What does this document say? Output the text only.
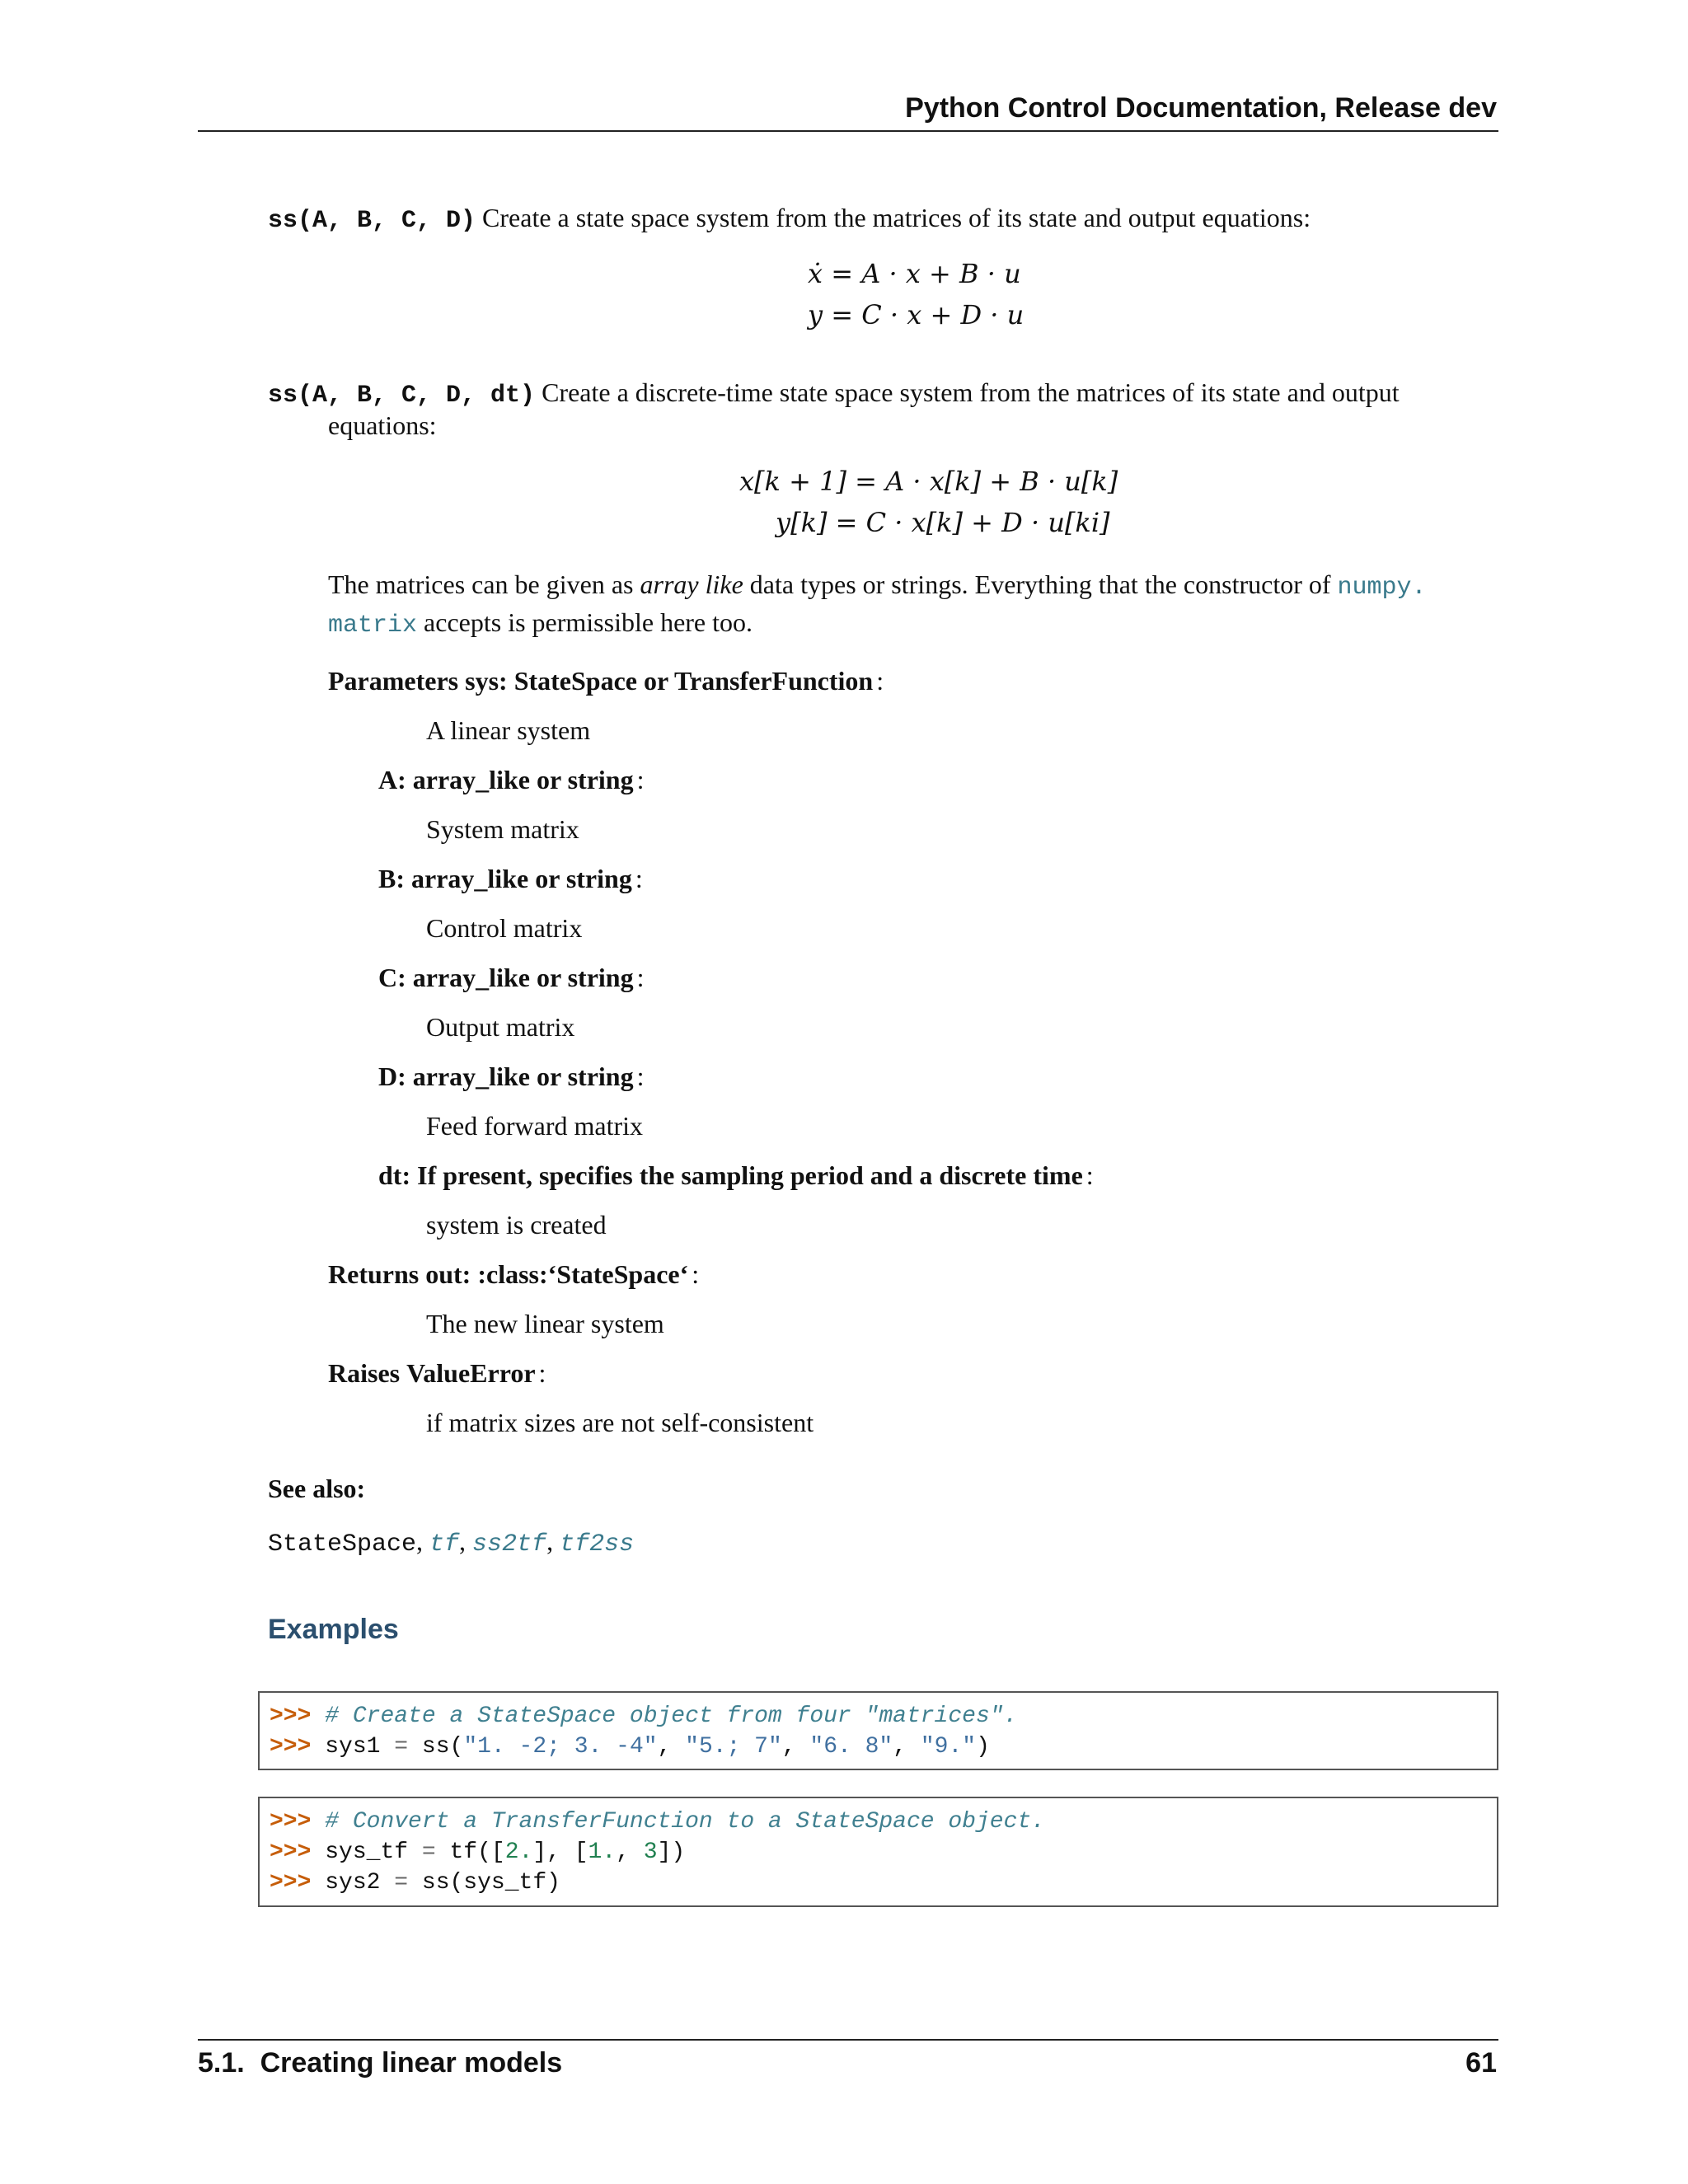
Python Control Documentation, Release dev
ss(A, B, C, D) Create a state space system from the matrices of its state and output equations:
ẋ = A · x + B · u
y = C · x + D · u
ss(A, B, C, D, dt) Create a discrete-time state space system from the matrices of its state and output
equations:
x[k + 1] = A · x[k] + B · u[k]
y[k] = C · x[k] + D · u[ki]
The matrices can be given as array like data types or strings. Everything that the constructor of numpy.
matrix accepts is permissible here too.
Parameters sys: StateSpace or TransferFunction :
A linear system
A: array_like or string :
System matrix
B: array_like or string :
Control matrix
C: array_like or string :
Output matrix
D: array_like or string :
Feed forward matrix
dt: If present, specifies the sampling period and a discrete time :
system is created
Returns out: :class:‘StateSpace‘ :
The new linear system
Raises ValueError :
if matrix sizes are not self-consistent
See also:
StateSpace, tf, ss2tf, tf2ss
Examples
>>> # Create a StateSpace object from four "matrices".
>>> sys1 = ss("1. -2; 3. -4", "5.; 7", "6. 8", "9.")
>>> # Convert a TransferFunction to a StateSpace object.
>>> sys_tf = tf([2.], [1., 3])
>>> sys2 = ss(sys_tf)
5.1.  Creating linear models	61
